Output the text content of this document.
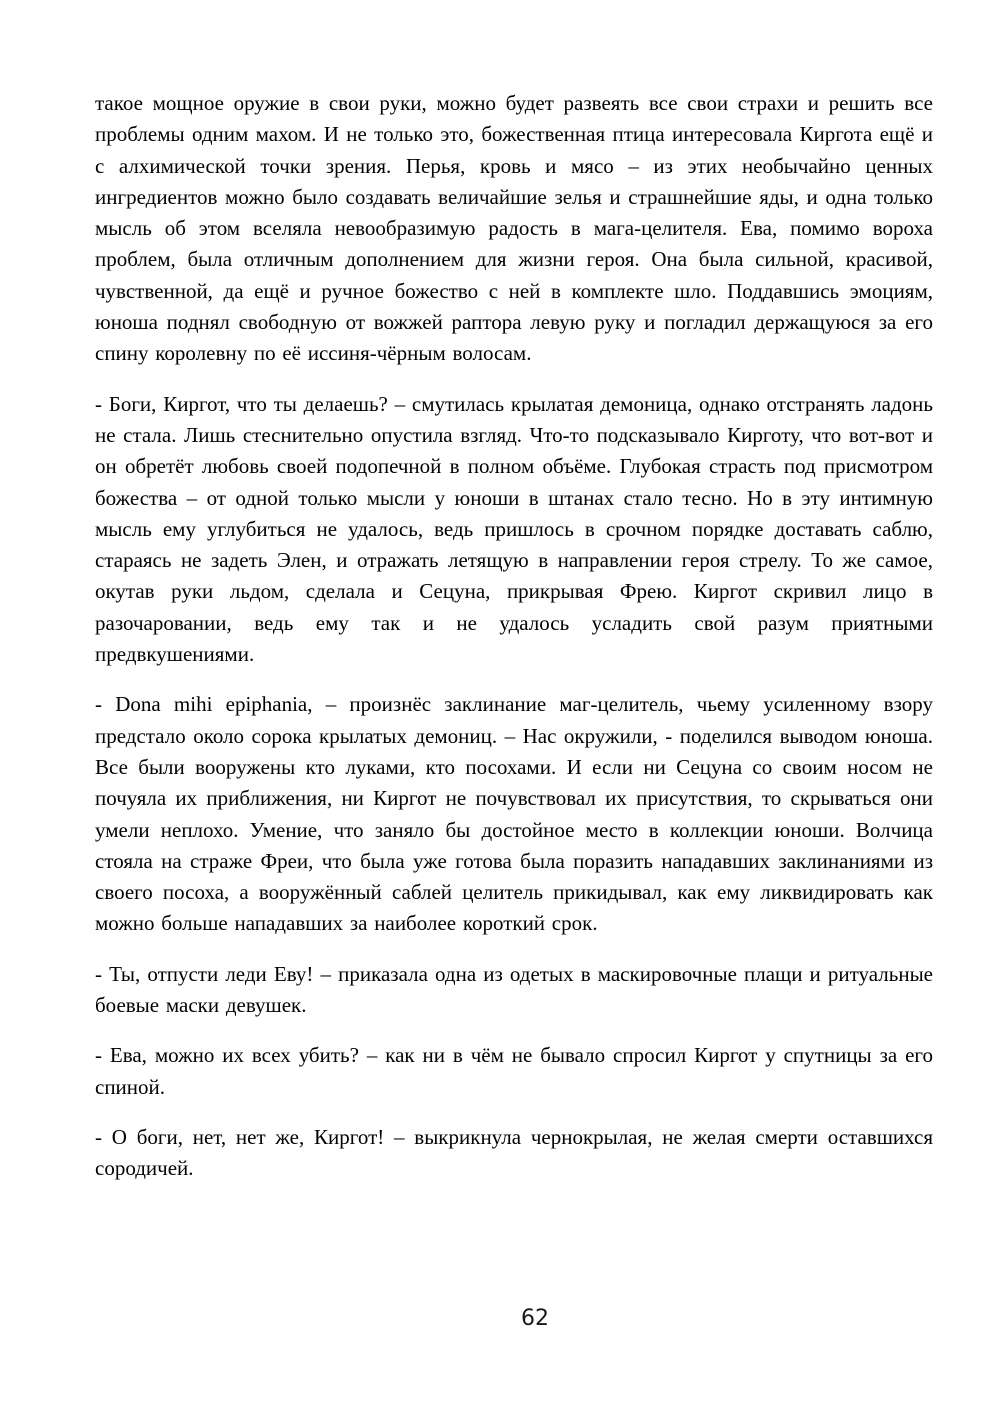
такое мощное оружие в свои руки, можно будет развеять все свои страхи и решить все проблемы одним махом. И не только это, божественная птица интересовала Киргота ещё и с алхимической точки зрения. Перья, кровь и мясо – из этих необычайно ценных ингредиентов можно было создавать величайшие зелья и страшнейшие яды, и одна только мысль об этом вселяла невообразимую радость в мага-целителя. Ева, помимо вороха проблем, была отличным дополнением для жизни героя. Она была сильной, красивой, чувственной, да ещё и ручное божество с ней в комплекте шло. Поддавшись эмоциям, юноша поднял свободную от вожжей раптора левую руку и погладил держащуюся за его спину королевну по её иссиня-чёрным волосам.

- Боги, Киргот, что ты делаешь? – смутилась крылатая демоница, однако отстранять ладонь не стала. Лишь стеснительно опустила взгляд. Что-то подсказывало Кирготу, что вот-вот и он обретёт любовь своей подопечной в полном объёме. Глубокая страсть под присмотром божества – от одной только мысли у юноши в штанах стало тесно. Но в эту интимную мысль ему углубиться не удалось, ведь пришлось в срочном порядке доставать саблю, стараясь не задеть Элен, и отражать летящую в направлении героя стрелу. То же самое, окутав руки льдом, сделала и Сецуна, прикрывая Фрею. Киргот скривил лицо в разочаровании, ведь ему так и не удалось усладить свой разум приятными предвкушениями.

- Dona mihi epiphania, – произнёс заклинание маг-целитель, чьему усиленному взору предстало около сорока крылатых демониц. – Нас окружили, - поделился выводом юноша. Все были вооружены кто луками, кто посохами. И если ни Сецуна со своим носом не почуяла их приближения, ни Киргот не почувствовал их присутствия, то скрываться они умели неплохо. Умение, что заняло бы достойное место в коллекции юноши. Волчица стояла на страже Фреи, что была уже готова была поразить нападавших заклинаниями из своего посоха, а вооружённый саблей целитель прикидывал, как ему ликвидировать как можно больше нападавших за наиболее короткий срок.

- Ты, отпусти леди Еву! – приказала одна из одетых в маскировочные плащи и ритуальные боевые маски девушек.

- Ева, можно их всех убить? – как ни в чём не бывало спросил Киргот у спутницы за его спиной.

- О боги, нет, нет же, Киргот! – выкрикнула чернокрылая, не желая смерти оставшихся сородичей.

62
